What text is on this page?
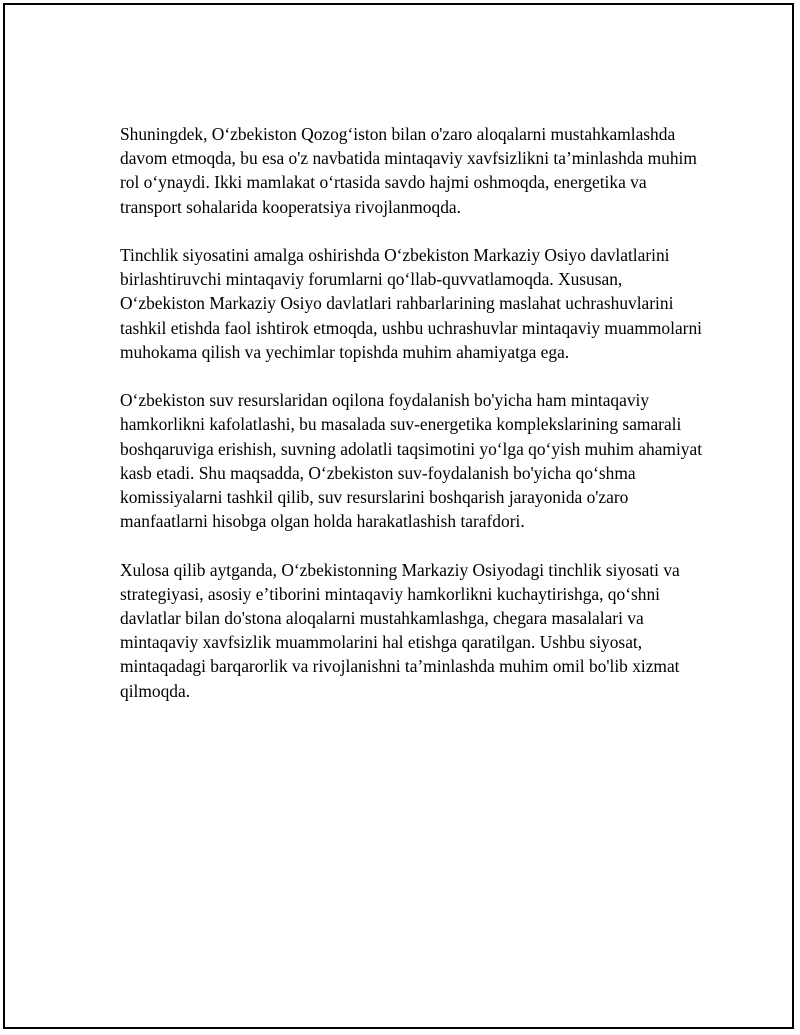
Shuningdek, Oʻzbekiston Qozogʻiston bilan o'zaro aloqalarni mustahkamlashda davom etmoqda, bu esa o'z navbatida mintaqaviy xavfsizlikni taʼminlashda muhim rol oʻynaydi. Ikki mamlakat oʻrtasida savdo hajmi oshmoqda, energetika va transport sohalarida kooperatsiya rivojlanmoqda.

Tinchlik siyosatini amalga oshirishda Oʻzbekiston Markaziy Osiyo davlatlarini birlashtiruvchi mintaqaviy forumlarni qoʻllab-quvvatlamoqda. Xususan, Oʻzbekiston Markaziy Osiyo davlatlari rahbarlarining maslahat uchrashuvlarini tashkil etishda faol ishtirok etmoqda, ushbu uchrashuvlar mintaqaviy muammolarni muhokama qilish va yechimlar topishda muhim ahamiyatga ega.

Oʻzbekiston suv resurslaridan oqilona foydalanish bo'yicha ham mintaqaviy hamkorlikni kafolatlashi, bu masalada suv-energetika komplekslarining samarali boshqaruviga erishish, suvning adolatli taqsimotini yoʻlga qoʻyish muhim ahamiyat kasb etadi. Shu maqsadda, Oʻzbekiston suv-foydalanish bo'yicha qoʻshma komissiyalarni tashkil qilib, suv resurslarini boshqarish jarayonida o'zaro manfaatlarni hisobga olgan holda harakatlashish tarafdori.

Xulosa qilib aytganda, Oʻzbekistonning Markaziy Osiyodagi tinchlik siyosati va strategiyasi, asosiy eʼtiborini mintaqaviy hamkorlikni kuchaytirishga, qoʻshni davlatlar bilan do'stona aloqalarni mustahkamlashga, chegara masalalari va mintaqaviy xavfsizlik muammolarini hal etishga qaratilgan. Ushbu siyosat, mintaqadagi barqarorlik va rivojlanishni taʼminlashda muhim omil bo'lib xizmat qilmoqda.
